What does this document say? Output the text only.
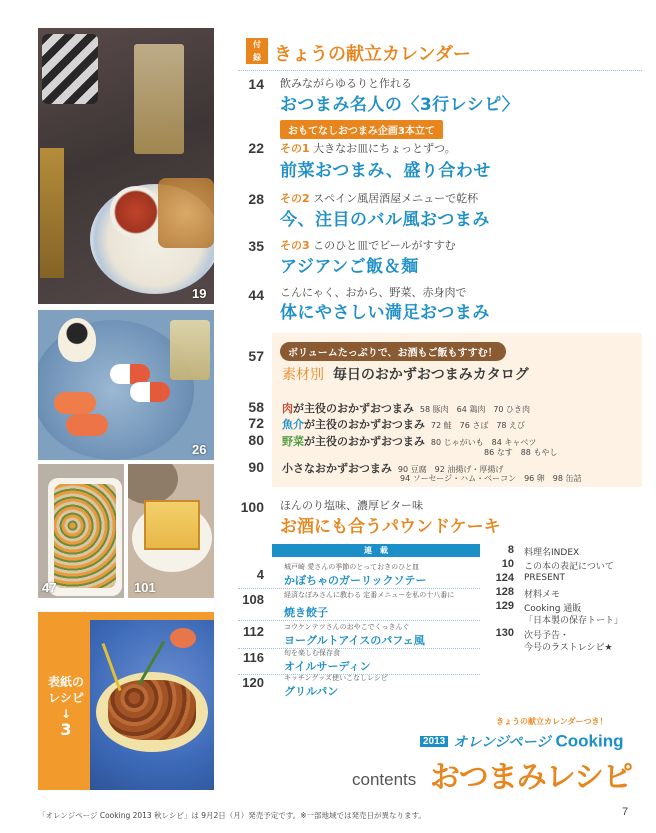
19
26
47	101
表紙の
レシピ
↓
3
付録 きょうの献立カレンダー
14 飲みながらゆるりと作れる
おつまみ名人の〈3行レシピ〉
おもてなしおつまみ企画3本立て
22 その1 大きなお皿にちょっとずつ。
前菜おつまみ、盛り合わせ
28 その2 スペイン風居酒屋メニューで乾杯
今、注目のバル風おつまみ
35 その3 このひと皿でビールがすすむ
アジアンご飯＆麺
44 こんにゃく、おから、野菜、赤身肉で
体にやさしい満足おつまみ
57	ボリュームたっぷりで、お酒もご飯もすすむ！
素材別 毎日のおかずおつまみカタログ
58 肉が主役のおかずおつまみ 58 豚肉　64 鶏肉　70 ひき肉
72 魚介が主役のおかずおつまみ 72 鮭　76 さば　78 えび
80 野菜が主役のおかずおつまみ 80 じゃがいも　84 キャベツ
86 なす　88 もやし
90 小さなおかずおつまみ 90 豆腐　92 油揚げ・厚揚げ
94 ソーセージ・ハム・ベーコン　96 卵　98 缶詰
100 ほんのり塩味、濃厚ビター味
お酒にも合うパウンドケーキ
連　載
4	城戸崎 愛さんの季節のとっておきのひと皿
かぼちゃのガーリックソテー
108	経済なぼみさんに教わる 定番メニューを私の十八番に
焼き餃子
112	コウケンテツさんのおやこでくっきんぐ
ヨーグルトアイスのパフェ風
116	旬を楽しむ保存食
オイルサーディン
120	キッチングッズ使いこなしレシピ
グリルパン
8 料理名INDEX
10 この本の表記について
124 PRESENT
128 材料メモ
129 Cooking 通販
「日本製の保存トート」
130 次号予告・
今号のラストレシピ★
きょうの献立カレンダーつき！
2013 オレンジページ Cooking
contents おつまみレシピ
「オレンジページ Cooking 2013 秋レシピ」は 9月2日（月）発売予定です。※一部地域では発売日が異なります。	7
